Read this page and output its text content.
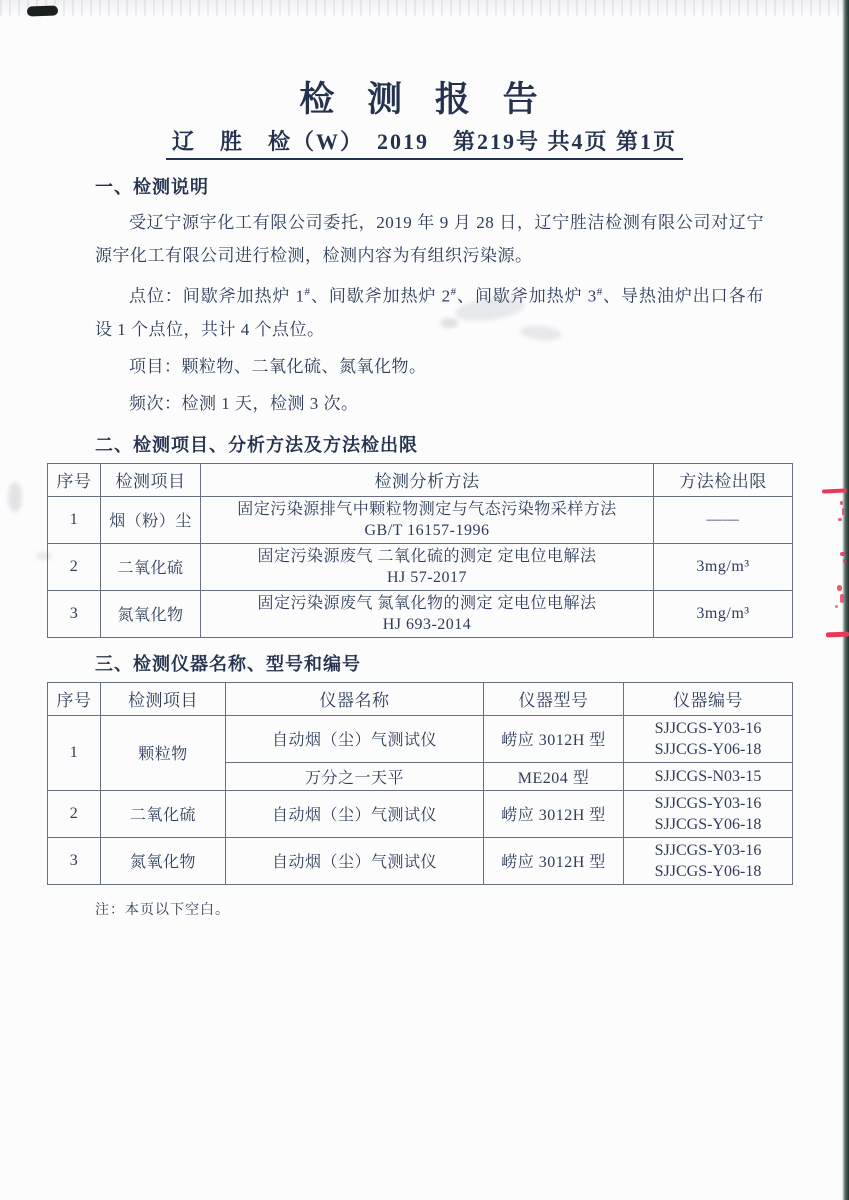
检 测 报 告
辽　胜　检（W）　2019　第219号 共4页 第1页
一、检测说明

受辽宁源宇化工有限公司委托，2019 年 9 月 28 日，辽宁胜洁检测有限公司对辽宁源宇化工有限公司进行检测，检测内容为有组织污染源。

点位：间歇斧加热炉 1#、间歇斧加热炉 2#、间歇斧加热炉 3#、导热油炉出口各布设 1 个点位，共计 4 个点位。

项目：颗粒物、二氧化硫、氮氧化物。

频次：检测 1 天，检测 3 次。

二、检测项目、分析方法及方法检出限
序号	检测项目	检测分析方法	方法检出限
1	烟（粉）尘	固定污染源排气中颗粒物测定与气态污染物采样方法
GB/T 16157-1996	——
2	二氧化硫	固定污染源废气 二氧化硫的测定 定电位电解法
HJ 57-2017	3mg/m³
3	氮氧化物	固定污染源废气 氮氧化物的测定 定电位电解法
HJ 693-2014	3mg/m³
三、检测仪器名称、型号和编号
序号	检测项目	仪器名称	仪器型号	仪器编号
1	颗粒物	自动烟（尘）气测试仪	崂应 3012H 型	SJJCGS-Y03-16
SJJCGS-Y06-18

		万分之一天平	ME204 型	SJJCGS-N03-15

2	二氧化硫	自动烟（尘）气测试仪	崂应 3012H 型	SJJCGS-Y03-16
SJJCGS-Y06-18

3	氮氧化物	自动烟（尘）气测试仪	崂应 3012H 型	SJJCGS-Y03-16
SJJCGS-Y06-18
注：本页以下空白。
